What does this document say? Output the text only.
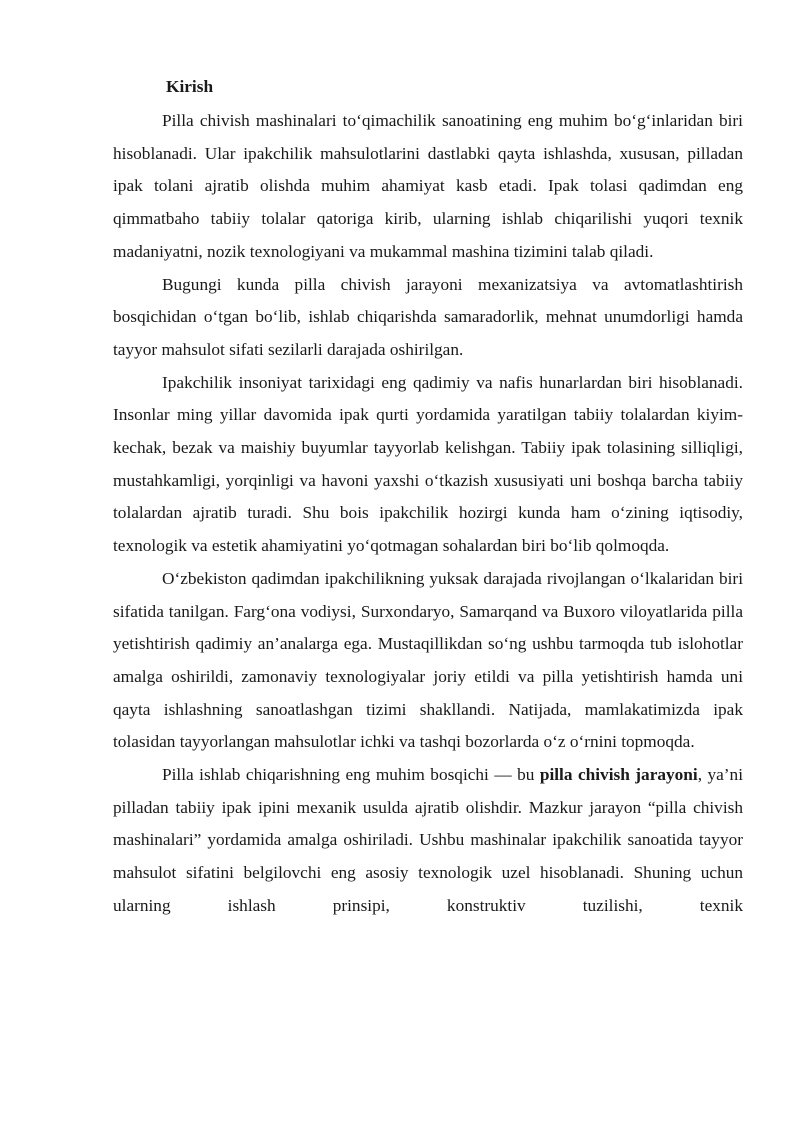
Kirish

Pilla chivish mashinalari to‘qimachilik sanoatining eng muhim bo‘g‘inlaridan biri hisoblanadi. Ular ipakchilik mahsulotlarini dastlabki qayta ishlashda, xususan, pilladan ipak tolani ajratib olishda muhim ahamiyat kasb etadi. Ipak tolasi qadimdan eng qimmatbaho tabiiy tolalar qatoriga kirib, ularning ishlab chiqarilishi yuqori texnik madaniyatni, nozik texnologiyani va mukammal mashina tizimini talab qiladi.

Bugungi kunda pilla chivish jarayoni mexanizatsiya va avtomatlashtirish bosqichidan o‘tgan bo‘lib, ishlab chiqarishda samaradorlik, mehnat unumdorligi hamda tayyor mahsulot sifati sezilarli darajada oshirilgan.

Ipakchilik insoniyat tarixidagi eng qadimiy va nafis hunarlardan biri hisoblanadi. Insonlar ming yillar davomida ipak qurti yordamida yaratilgan tabiiy tolalardan kiyim-kechak, bezak va maishiy buyumlar tayyorlab kelishgan. Tabiiy ipak tolasining silliqligi, mustahkamligi, yorqinligi va havoni yaxshi o‘tkazish xususiyati uni boshqa barcha tabiiy tolalardan ajratib turadi. Shu bois ipakchilik hozirgi kunda ham o‘zining iqtisodiy, texnologik va estetik ahamiyatini yo‘qotmagan sohalardan biri bo‘lib qolmoqda.

O‘zbekiston qadimdan ipakchilikning yuksak darajada rivojlangan o‘lkalaridan biri sifatida tanilgan. Farg‘ona vodiysi, Surxondaryo, Samarqand va Buxoro viloyatlarida pilla yetishtirish qadimiy an’analarga ega. Mustaqillikdan so‘ng ushbu tarmoqda tub islohotlar amalga oshirildi, zamonaviy texnologiyalar joriy etildi va pilla yetishtirish hamda uni qayta ishlashning sanoatlashgan tizimi shakllandi. Natijada, mamlakatimizda ipak tolasidan tayyorlangan mahsulotlar ichki va tashqi bozorlarda o‘z o‘rnini topmoqda.

Pilla ishlab chiqarishning eng muhim bosqichi — bu pilla chivish jarayoni, ya’ni pilladan tabiiy ipak ipini mexanik usulda ajratib olishdir. Mazkur jarayon “pilla chivish mashinalari” yordamida amalga oshiriladi. Ushbu mashinalar ipakchilik sanoatida tayyor mahsulot sifatini belgilovchi eng asosiy texnologik uzel hisoblanadi. Shuning uchun ularning ishlash prinsipi, konstruktiv tuzilishi, texnik
